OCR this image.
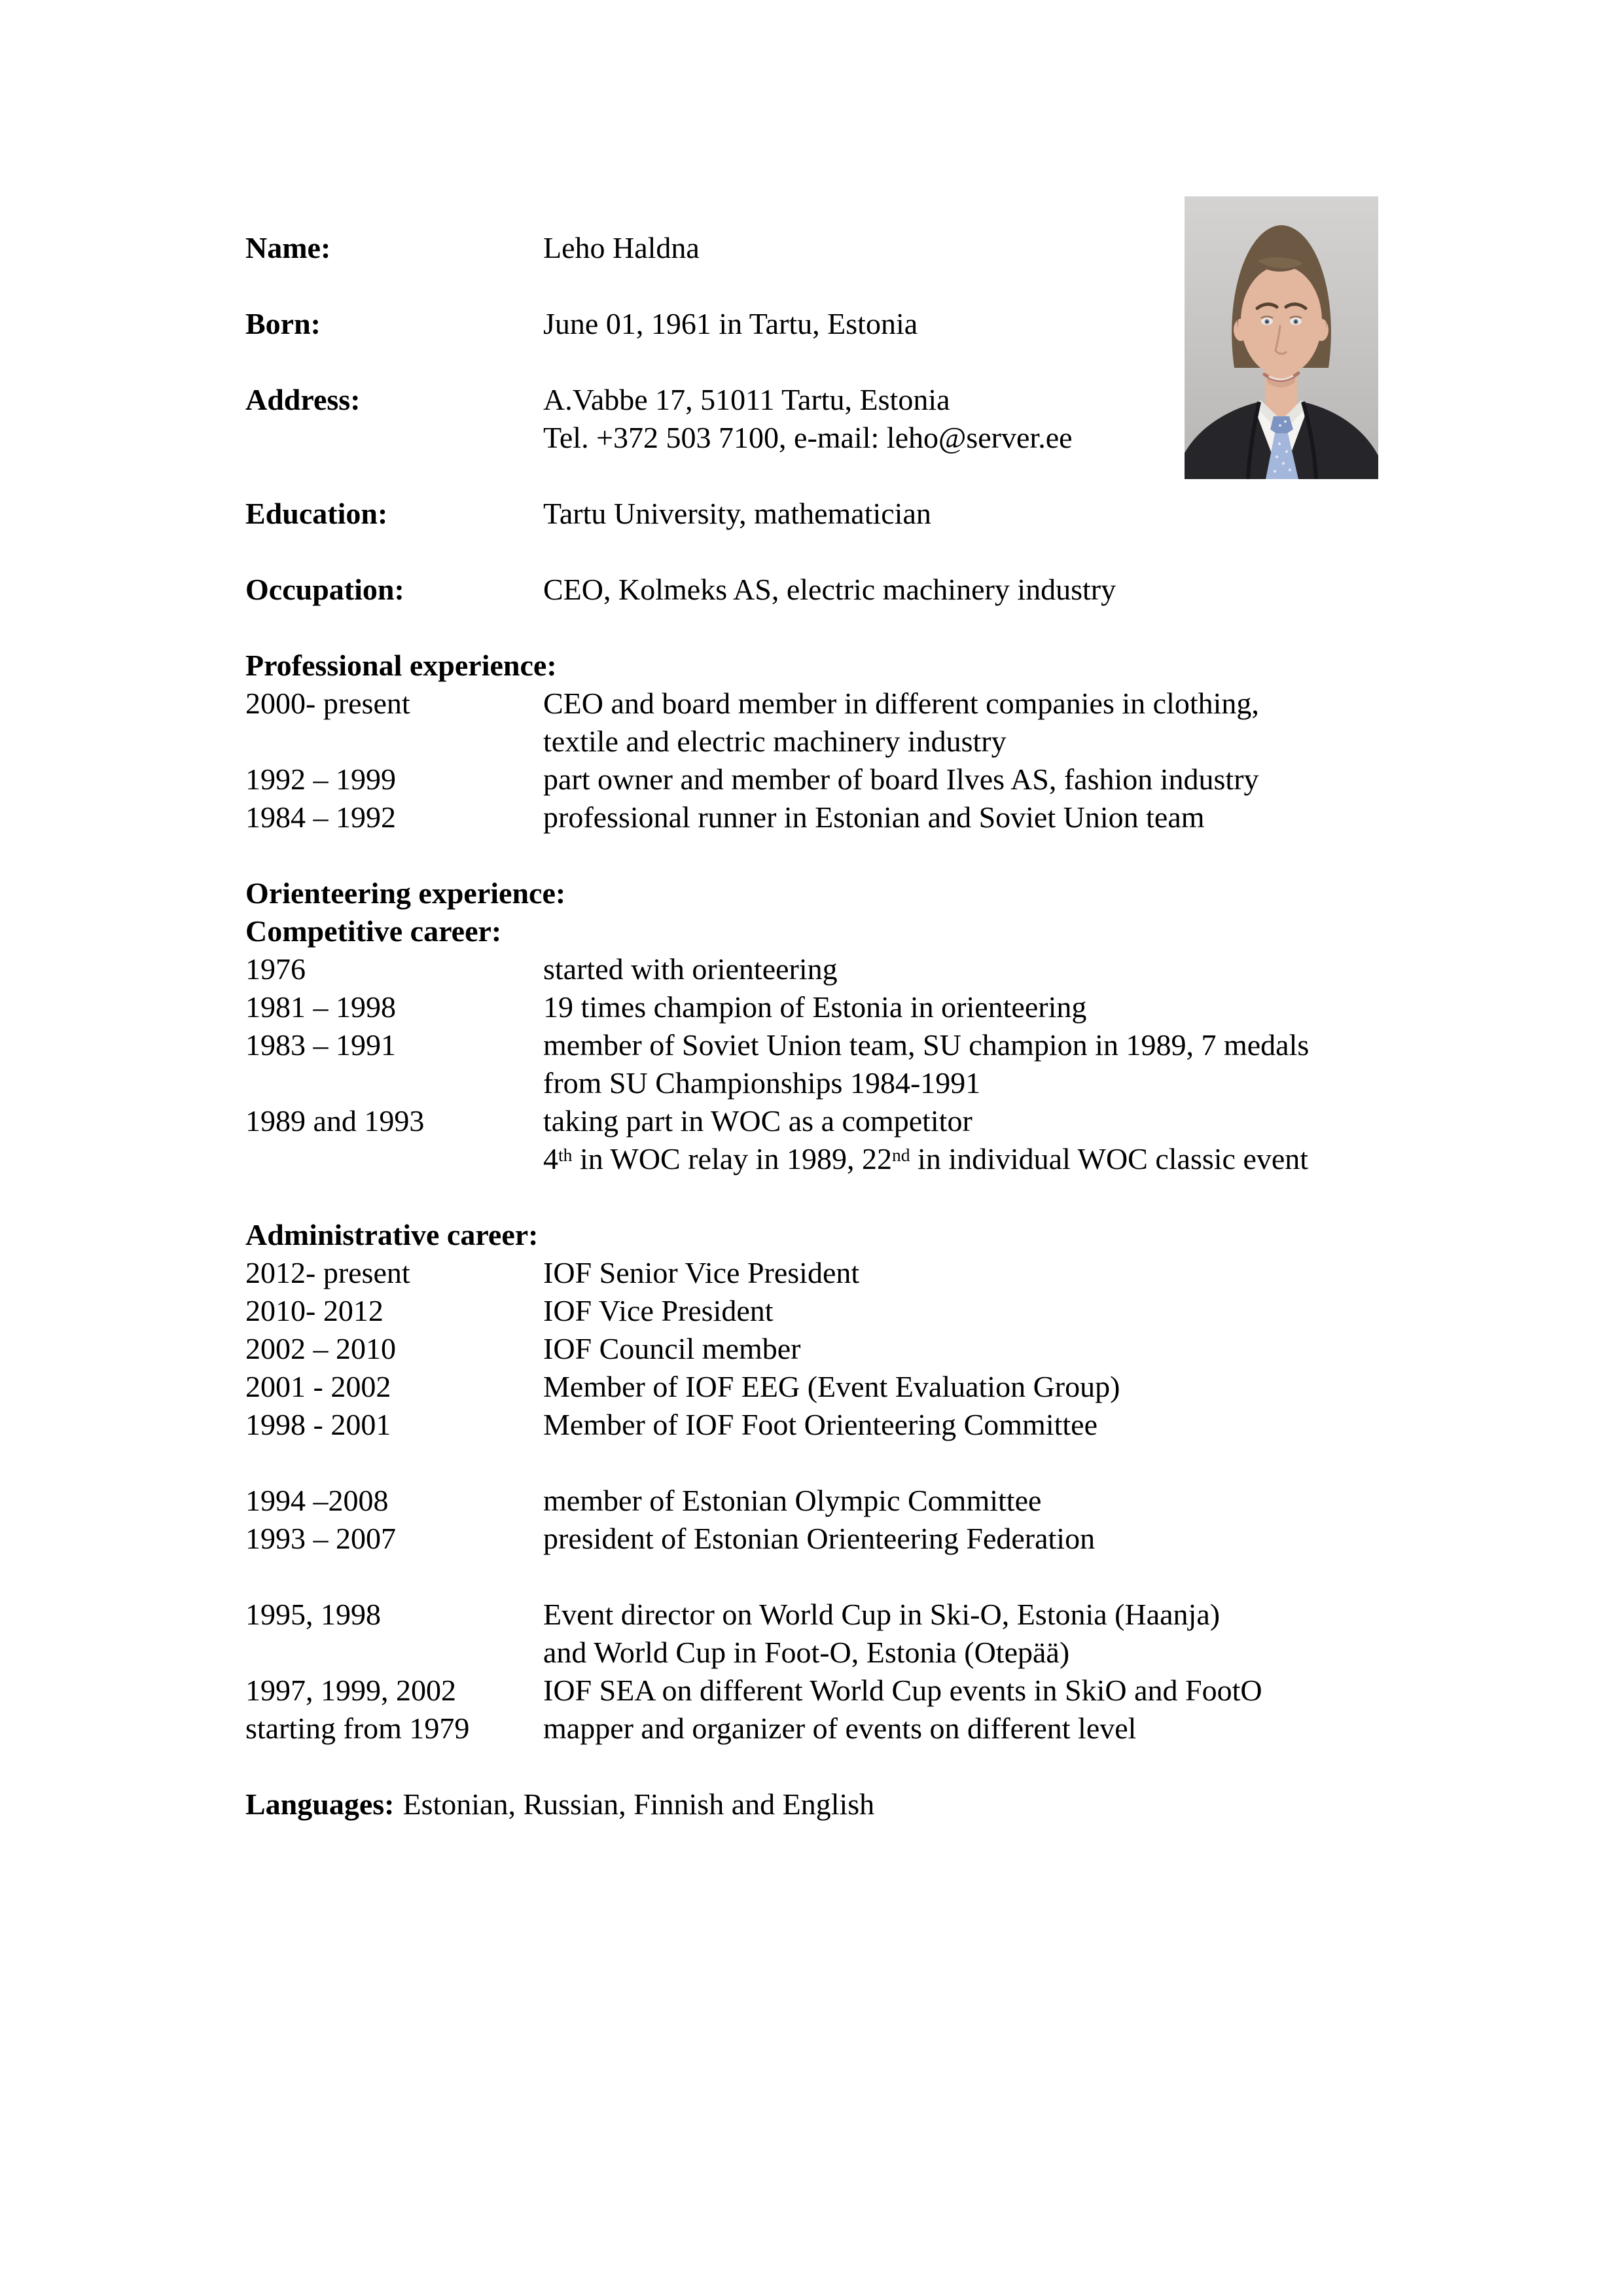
Name:	Leho Haldna
Born:	June 01, 1961 in Tartu, Estonia
Address:	A.Vabbe 17, 51011 Tartu, Estonia
Tel. +372 503 7100, e-mail: leho@server.ee
Education:	Tartu University, mathematician
Occupation:	CEO, Kolmeks AS, electric machinery industry
Professional experience:
2000- present	CEO and board member in different companies in clothing,
textile and electric machinery industry
1992 – 1999	part owner and member of board Ilves AS, fashion industry
1984 – 1992	professional runner in Estonian and Soviet Union team
Orienteering experience:
Competitive career:
1976	started with orienteering
1981 – 1998	19 times champion of Estonia in orienteering
1983 – 1991	member of Soviet Union team, SU champion in 1989, 7 medals
from SU Championships 1984-1991
1989 and 1993	taking part in WOC as a competitor
4th in WOC relay in 1989, 22nd in individual WOC classic event
Administrative career:
2012- present	IOF Senior Vice President
2010- 2012	IOF Vice President
2002 – 2010	IOF Council member
2001 - 2002	Member of IOF EEG (Event Evaluation Group)
1998 - 2001	Member of IOF Foot Orienteering Committee
1994 –2008	member of Estonian Olympic Committee
1993 – 2007	president of Estonian Orienteering Federation
1995, 1998	Event director on World Cup in Ski-O, Estonia (Haanja)
and World Cup in Foot-O, Estonia (Otepää)
1997, 1999, 2002	IOF SEA on different World Cup events in SkiO and FootO
starting from 1979	mapper and organizer of events on different level
Languages: Estonian, Russian, Finnish and English
